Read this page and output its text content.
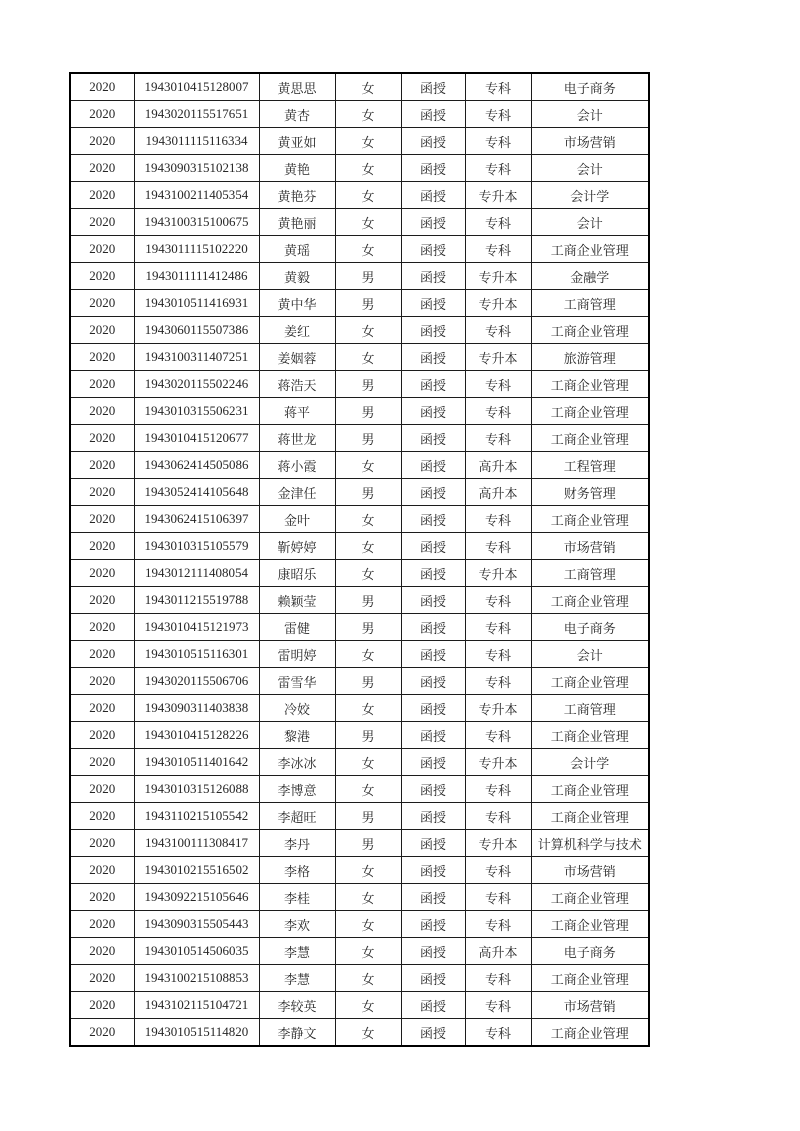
2020	1943010415128007	黄思思	女	函授	专科	电子商务
2020	1943020115517651	黄杏	女	函授	专科	会计
2020	1943011115116334	黄亚如	女	函授	专科	市场营销
2020	1943090315102138	黄艳	女	函授	专科	会计
2020	1943100211405354	黄艳芬	女	函授	专升本	会计学
2020	1943100315100675	黄艳丽	女	函授	专科	会计
2020	1943011115102220	黄瑶	女	函授	专科	工商企业管理
2020	1943011111412486	黄毅	男	函授	专升本	金融学
2020	1943010511416931	黄中华	男	函授	专升本	工商管理
2020	1943060115507386	姜红	女	函授	专科	工商企业管理
2020	1943100311407251	姜姻蓉	女	函授	专升本	旅游管理
2020	1943020115502246	蒋浩天	男	函授	专科	工商企业管理
2020	1943010315506231	蒋平	男	函授	专科	工商企业管理
2020	1943010415120677	蒋世龙	男	函授	专科	工商企业管理
2020	1943062414505086	蒋小霞	女	函授	高升本	工程管理
2020	1943052414105648	金津任	男	函授	高升本	财务管理
2020	1943062415106397	金叶	女	函授	专科	工商企业管理
2020	1943010315105579	靳婷婷	女	函授	专科	市场营销
2020	1943012111408054	康昭乐	女	函授	专升本	工商管理
2020	1943011215519788	赖颖莹	男	函授	专科	工商企业管理
2020	1943010415121973	雷健	男	函授	专科	电子商务
2020	1943010515116301	雷明婷	女	函授	专科	会计
2020	1943020115506706	雷雪华	男	函授	专科	工商企业管理
2020	1943090311403838	冷姣	女	函授	专升本	工商管理
2020	1943010415128226	黎港	男	函授	专科	工商企业管理
2020	1943010511401642	李冰冰	女	函授	专升本	会计学
2020	1943010315126088	李博意	女	函授	专科	工商企业管理
2020	1943110215105542	李超旺	男	函授	专科	工商企业管理
2020	1943100111308417	李丹	男	函授	专升本	计算机科学与技术
2020	1943010215516502	李格	女	函授	专科	市场营销
2020	1943092215105646	李桂	女	函授	专科	工商企业管理
2020	1943090315505443	李欢	女	函授	专科	工商企业管理
2020	1943010514506035	李慧	女	函授	高升本	电子商务
2020	1943100215108853	李慧	女	函授	专科	工商企业管理
2020	1943102115104721	李较英	女	函授	专科	市场营销
2020	1943010515114820	李静文	女	函授	专科	工商企业管理
